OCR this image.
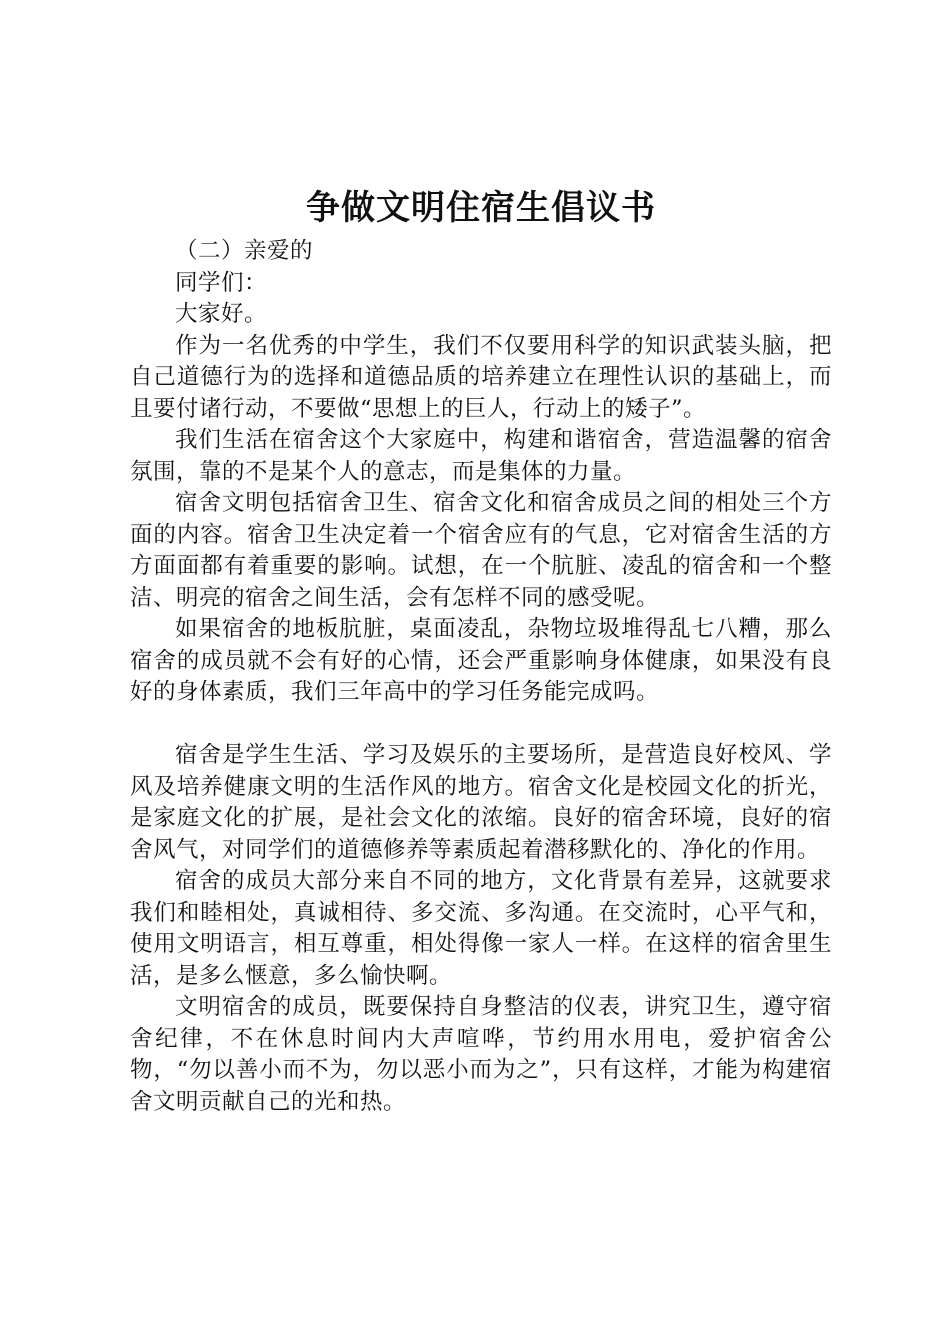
争做文明住宿生倡议书

（二）亲爱的

同学们：

大家好。

作为一名优秀的中学生，我们不仅要用科学的知识武装头脑，把自己道德行为的选择和道德品质的培养建立在理性认识的基础上，而且要付诸行动，不要做“思想上的巨人，行动上的矮子”。

我们生活在宿舍这个大家庭中，构建和谐宿舍，营造温馨的宿舍氛围，靠的不是某个人的意志，而是集体的力量。

宿舍文明包括宿舍卫生、宿舍文化和宿舍成员之间的相处三个方面的内容。宿舍卫生决定着一个宿舍应有的气息，它对宿舍生活的方方面面都有着重要的影响。试想，在一个肮脏、凌乱的宿舍和一个整洁、明亮的宿舍之间生活，会有怎样不同的感受呢。

如果宿舍的地板肮脏，桌面凌乱，杂物垃圾堆得乱七八糟，那么宿舍的成员就不会有好的心情，还会严重影响身体健康，如果没有良好的身体素质，我们三年高中的学习任务能完成吗。

宿舍是学生生活、学习及娱乐的主要场所，是营造良好校风、学风及培养健康文明的生活作风的地方。宿舍文化是校园文化的折光，是家庭文化的扩展，是社会文化的浓缩。良好的宿舍环境，良好的宿舍风气，对同学们的道德修养等素质起着潜移默化的、净化的作用。

宿舍的成员大部分来自不同的地方，文化背景有差异，这就要求我们和睦相处，真诚相待、多交流、多沟通。在交流时，心平气和，使用文明语言，相互尊重，相处得像一家人一样。在这样的宿舍里生活，是多么惬意，多么愉快啊。

文明宿舍的成员，既要保持自身整洁的仪表，讲究卫生，遵守宿舍纪律，不在休息时间内大声喧哗，节约用水用电，爱护宿舍公物，“勿以善小而不为，勿以恶小而为之”，只有这样，才能为构建宿舍文明贡献自己的光和热。
